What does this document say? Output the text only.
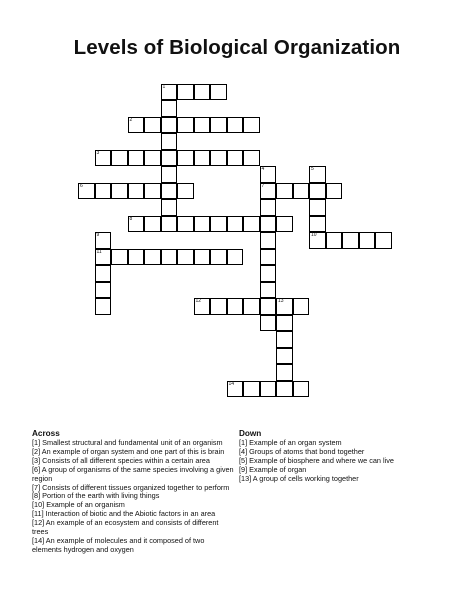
Levels of Biological Organization
1
2
3
6	7
8
10
11
12	13
14
4	5
9
Across
[1] Smallest structural and fundamental unit of an organism
[2] An example of organ system and one part of this is brain
[3] Consists of all different species within a certain area
[6] A group of organisms of the same species involving a given region
[7] Consists of different tissues organized together to perform
[8] Portion of the earth with living things
[10] Example of an organism
[11] Interaction of biotic and the Abiotic factors in an area
[12] An example of an ecosystem and consists of different trees
[14] An example of molecules and it composed of two elements hydrogen and oxygen
Down
[1] Example of an organ system
[4] Groups of atoms that bond together
[5] Example of biosphere and where we can live
[9] Example of organ
[13] A group of cells working together
